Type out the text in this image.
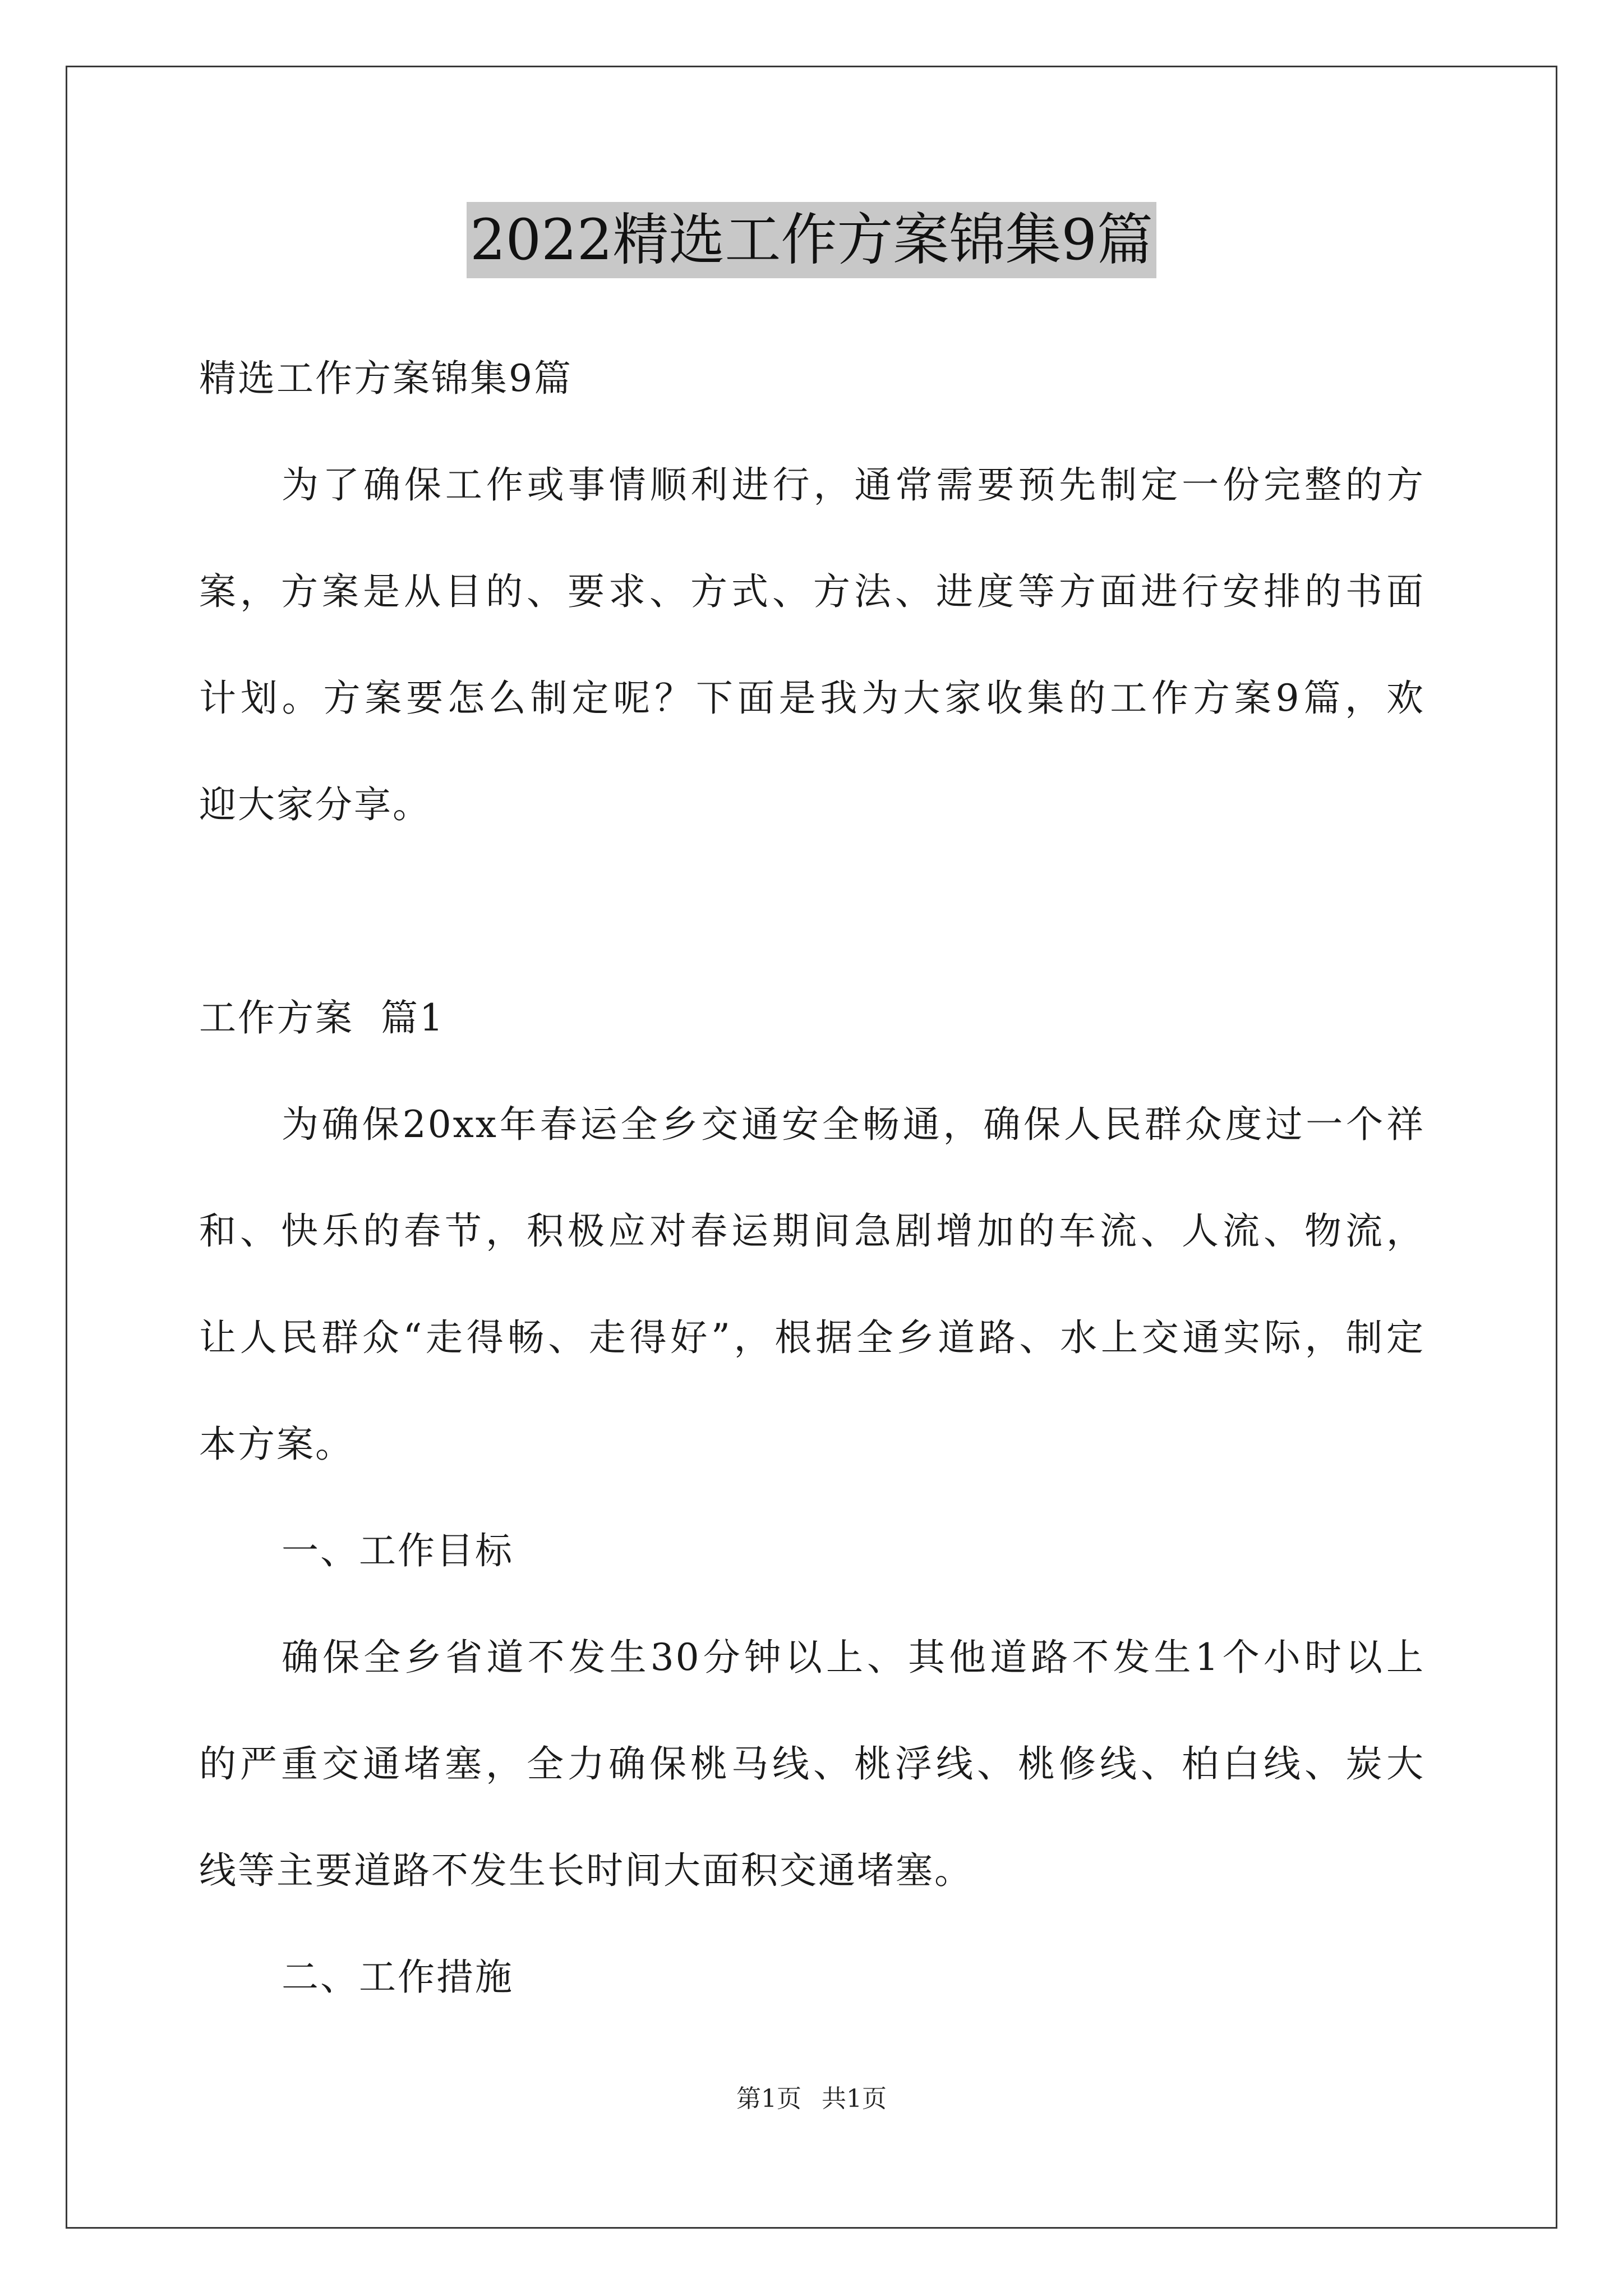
2022精选工作方案锦集9篇
精选工作方案锦集9篇
为了确保工作或事情顺利进行，通常需要预先制定一份完整的方
案，方案是从目的、要求、方式、方法、进度等方面进行安排的书面
计划。方案要怎么制定呢？下面是我为大家收集的工作方案9篇，欢
迎大家分享。
工作方案  篇1
为确保20xx年春运全乡交通安全畅通，确保人民群众度过一个祥
和、快乐的春节，积极应对春运期间急剧增加的车流、人流、物流，
让人民群众“走得畅、走得好”，根据全乡道路、水上交通实际，制定
本方案。
一、工作目标
确保全乡省道不发生30分钟以上、其他道路不发生1个小时以上
的严重交通堵塞，全力确保桃马线、桃浮线、桃修线、柏白线、炭大
线等主要道路不发生长时间大面积交通堵塞。
二、工作措施
第1页 共1页
